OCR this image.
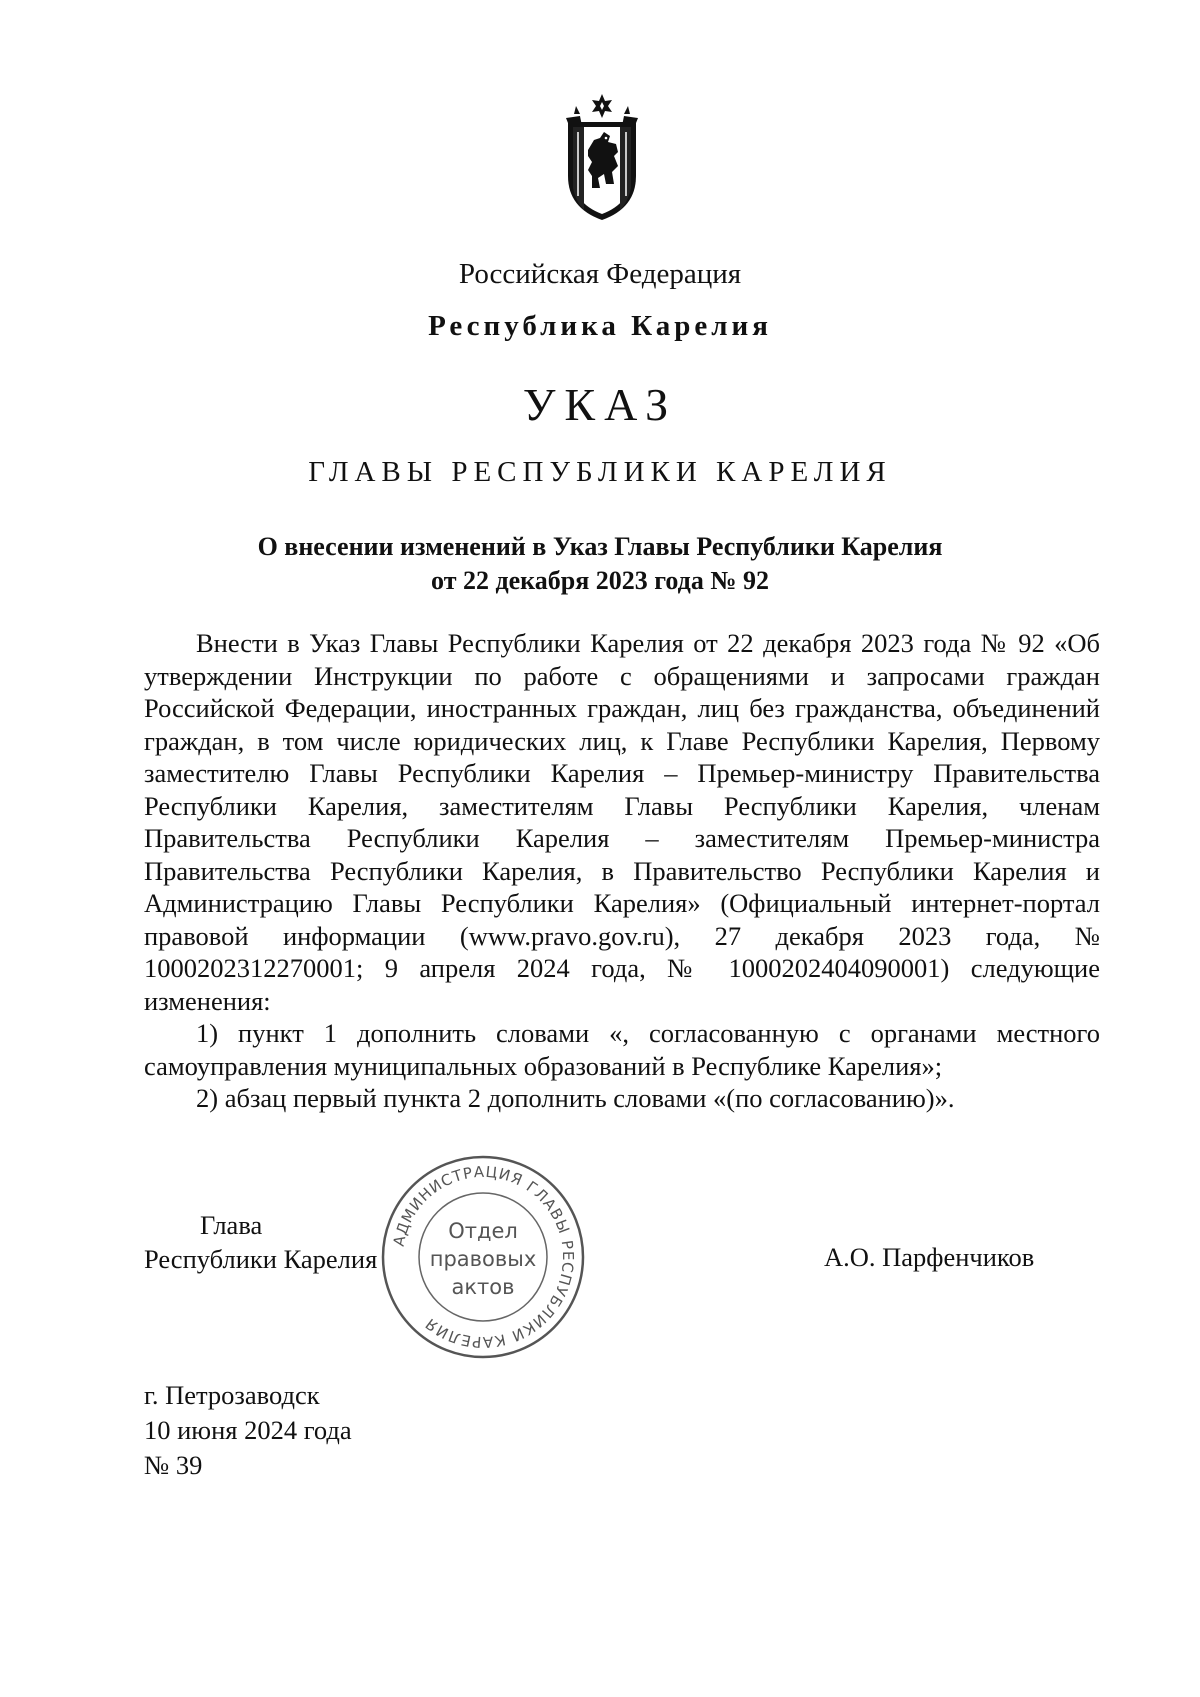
Российская Федерация
Республика Карелия
УКАЗ
ГЛАВЫ РЕСПУБЛИКИ КАРЕЛИЯ
О внесении изменений в Указ Главы Республики Карелия
от 22 декабря 2023 года № 92

Внести в Указ Главы Республики Карелия от 22 декабря 2023 года № 92 «Об утверждении Инструкции по работе с обращениями и запросами граждан Российской Федерации, иностранных граждан, лиц без гражданства, объединений граждан, в том числе юридических лиц, к Главе Республики Карелия, Первому заместителю Главы Республики Карелия – Премьер-министру Правительства Республики Карелия, заместителям Главы Республики Карелия, членам Правительства Республики Карелия – заместителям Премьер-министра Правительства Республики Карелия, в Правительство Республики Карелия и Администрацию Главы Республики Карелия» (Официальный интернет-портал правовой информации (www.pravo.gov.ru), 27 декабря 2023 года, № 1000202312270001; 9 апреля 2024 года, № 1000202404090001) следующие изменения:

1) пункт 1 дополнить словами «, согласованную с органами местного самоуправления муниципальных образований в Республике Карелия»;

2) абзац первый пункта 2 дополнить словами «(по согласованию)».

Глава
Республики Карелия
АДМИНИСТРАЦИЯ ГЛАВЫ РЕСПУБЛИКИ КАРЕЛИЯ
Отдел
правовых
актов
А.О. Парфенчиков
г. Петрозаводск
10 июня 2024 года
№ 39
